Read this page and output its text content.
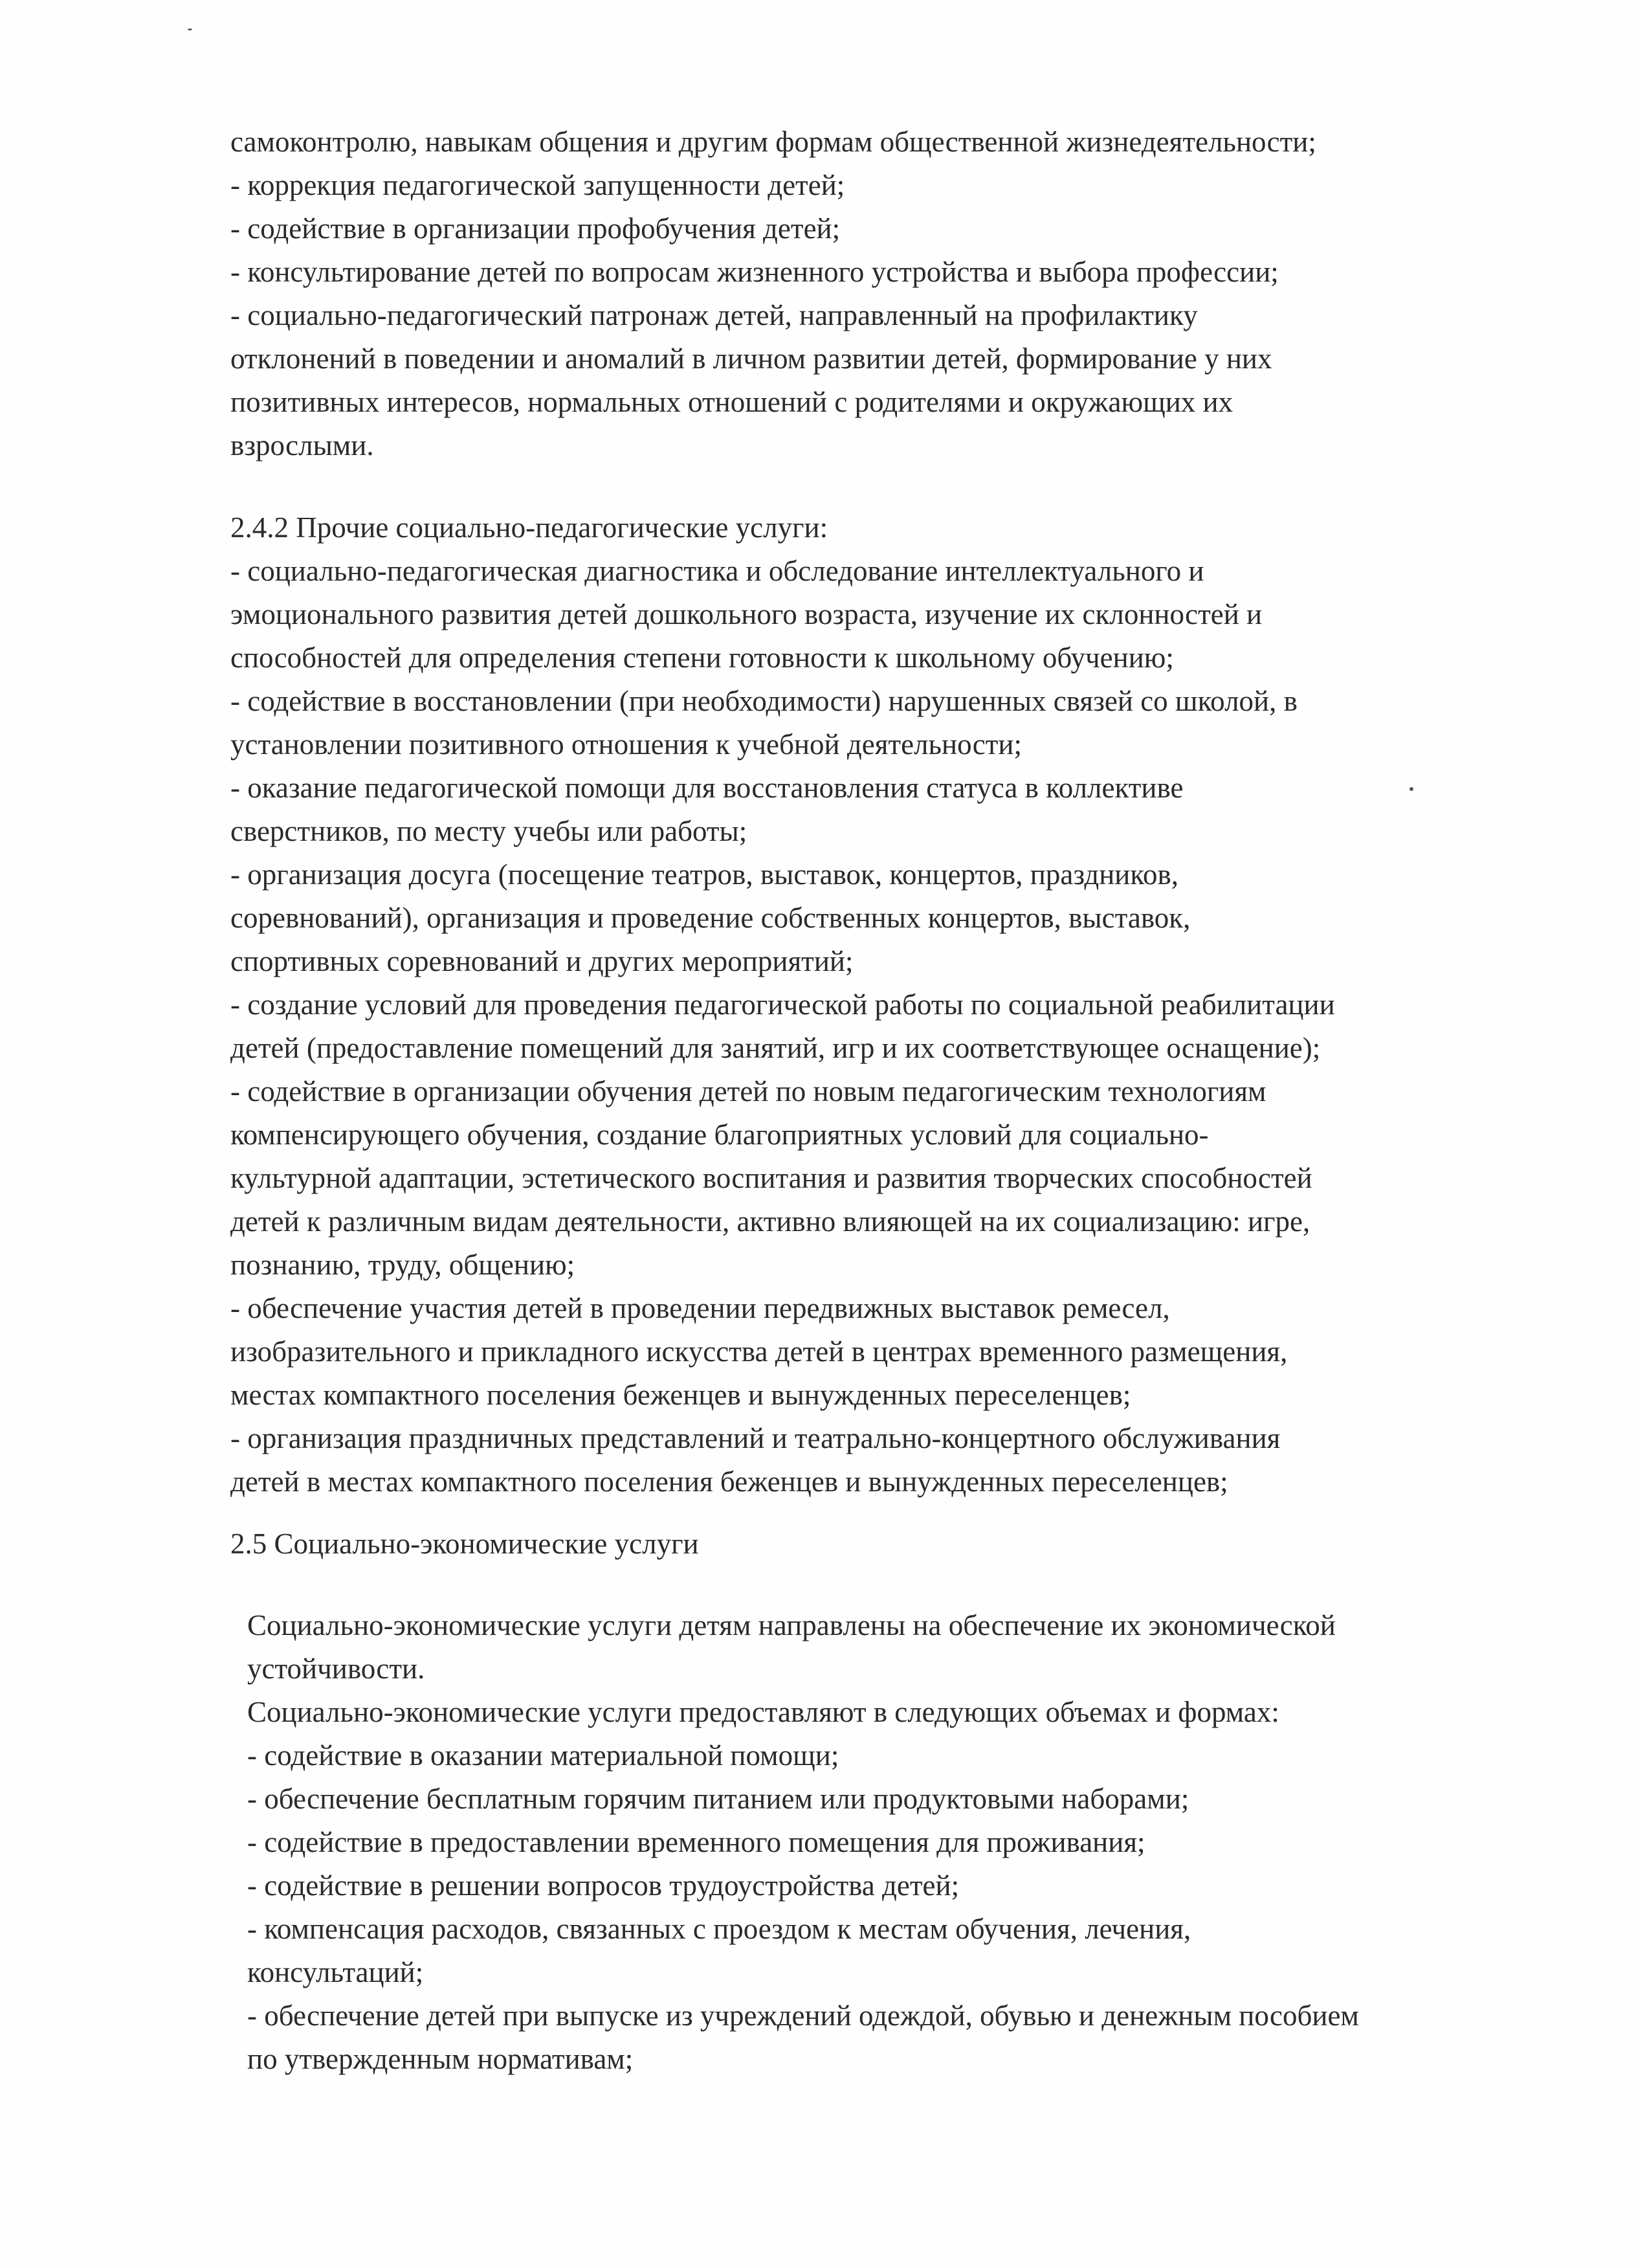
самоконтролю, навыкам общения и другим формам общественной жизнедеятельности;

- коррекция педагогической запущенности детей;

- содействие в организации профобучения детей;

- консультирование детей по вопросам жизненного устройства и выбора профессии;

- социально-педагогический патронаж детей, направленный на профилактику

отклонений в поведении и аномалий в личном развитии детей, формирование у них

позитивных интересов, нормальных отношений с родителями и окружающих их

взрослыми.

2.4.2 Прочие социально-педагогические услуги:

- социально-педагогическая диагностика и обследование интеллектуального и

эмоционального развития детей дошкольного возраста, изучение их склонностей и

способностей для определения степени готовности к школьному обучению;

- содействие в восстановлении (при необходимости) нарушенных связей со школой, в

установлении позитивного отношения к учебной деятельности;

- оказание педагогической помощи для восстановления статуса в коллективе

сверстников, по месту учебы или работы;

- организация досуга (посещение театров, выставок, концертов, праздников,

соревнований), организация и проведение собственных концертов, выставок,

спортивных соревнований и других мероприятий;

- создание условий для проведения педагогической работы по социальной реабилитации

детей (предоставление помещений для занятий, игр и их соответствующее оснащение);

- содействие в организации обучения детей по новым педагогическим технологиям

компенсирующего обучения, создание благоприятных условий для социально-

культурной адаптации, эстетического воспитания и развития творческих способностей

детей к различным видам деятельности, активно влияющей на их социализацию: игре,

познанию, труду, общению;

- обеспечение участия детей в проведении передвижных выставок ремесел,

изобразительного и прикладного искусства детей в центрах временного размещения,

местах компактного поселения беженцев и вынужденных переселенцев;

- организация праздничных представлений и театрально-концертного обслуживания

детей в местах компактного поселения беженцев и вынужденных переселенцев;

2.5 Социально-экономические услуги

Социально-экономические услуги детям направлены на обеспечение их экономической

устойчивости.

Социально-экономические услуги предоставляют в следующих объемах и формах:

- содействие в оказании материальной помощи;

- обеспечение бесплатным горячим питанием или продуктовыми наборами;

- содействие в предоставлении временного помещения для проживания;

- содействие в решении вопросов трудоустройства детей;

- компенсация расходов, связанных с проездом к местам обучения, лечения,

консультаций;

- обеспечение детей при выпуске из учреждений одеждой, обувью и денежным пособием

по утвержденным нормативам;
